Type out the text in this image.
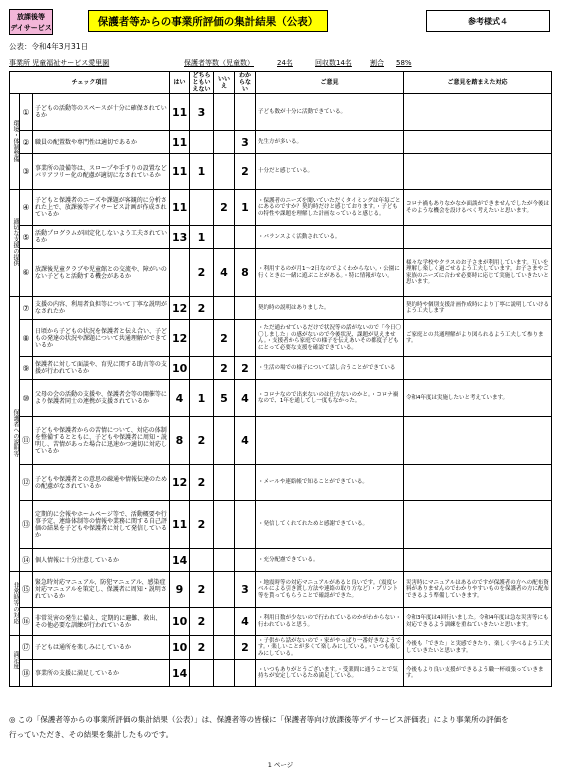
放課後等
デイサービス	保護者等からの事業所評価の集計結果（公表）	参考様式４
公表：令和4年3月31日
事業所 児童福祉サービス愛里園	保護者等数（児童数）	24名	回収数14名	割合 58%
チェック項目			はい	どちらともいえない	いいえ	わからない	ご意見	ご意見を踏まえた対応
環境・体制整備	①	子どもの活動等のスペースが十分に確保されているか	11	3			子ども数が十分に活動できている。	
	②	職員の配置数や専門性は適切であるか	11			3	先生方が多いる。	
	③	事業所の設備等は、スロープや手すりの設置などバリアフリー化の配慮が適切になされているか	11	1		2	十分だと感じている。	
適切な支援の提供	④	子どもと保護者のニーズや課題が客観的に分析された上で、放課後等デイサービス計画が作成されているか	11		2	1	・保護者のニーズを聞いていただくタイミングは年毎ごとにあるのですか？契約時だけと感じております。・子どもの特性や課題を理解した計画なっていると感じる。	コロナ禍もありなかなか面談ができませんでしたが今後はそのような機会を設けるべく考えたいと思います。
	⑤	活動プログラムが固定化しないよう工夫されているか	13	1			・バランスよく活動されている。	
	⑥	放課後児童クラブや児童館との交流や、障がいのない子どもと活動する機会があるか		2	4	8	・利用するのが月1〜2日なのでよくわからない。・公園に行くときに一緒に遊ぶことがある。・特に情報がない。	様々な学校やクラスのお子さまが利用しています。互いを理解し楽しく過ごせるよう工夫しています。お子さまやご家族のニーズに合わせ必要時に応じて実施していきたいと思います。
保護者への説明等	⑦	支援の内容、利用者負担等について丁寧な説明がなされたか	12	2			契約時の説明はありました。	契約時や個別支援計画作成時により丁寧に説明していけるよう工夫します
	⑧	日頃から子どもの状況を保護者と伝え合い、子どもの発達の状況や課題について共通理解ができているか	12		2		・ただ通わせているだけで状況等の話がないので「今日〇〇しました」の感がないので今後状況、課題が見えません。・支援者から家庭での様子を伝えあいその都度子どもにとって必要な支援を確認できている。	ご家庭との共通理解がより図られるよう工夫して参ります。
	⑨	保護者に対して面談や、育児に関する助言等の支援が行われているか	10		2	2	・生活の場での様子について話し合うことができている	
	⑩	父母の会の活動の支援や、保護者会等の開催等により保護者同士の連携が支援されているか	4	1	5	4	・コロナなので出来ないのは仕方ないのかと。・コロナ禍なので、1年を通してし一度もなかった。	令和4年度は実施したいと考えています。
	⑪	子どもや保護者からの苦情について、対応の体制を整備するとともに、子どもや保護者に周知・説明し、苦情があった場合に迅速かつ適切に対応しているか	8	2		4		
	⑫	子どもや保護者との意思の疎通や情報伝達のための配慮がなされているか	12	2			・メールや連絡帳で知ることができている。	
	⑬	定期的に会報やホームページ等で、活動概要や行事予定、連絡体制等の情報や業務に関する自己評価の結果を子どもや保護者に対して発信しているか	11	2			・発信してくれてれためと感謝できている。	
	⑭	個人情報に十分注意しているか	14				・充分配慮できている。	
非常時等の対応	⑮	緊急時対応マニュアル、防犯マニュアル、感染症対応マニュアルを策定し、保護者に周知・説明されているか	9	2		3	・地震時等の対応マニュアルがあると良いです。（震度レベルによる引き渡し方法や連絡の取り方など）・プリント等を貰ってもらうことで確認ができた。	災害時にマニュアルはあるのですが保護者の方への配布資料がありませんのでわかりやすいものを保護者の方に配布できるよう準備していきます。
	⑯	非常災害の発生に備え、定期的に避難、救出、その他必要な訓練が行われているか	10	2		4	・利用日数が少ないので行われているのかがわからない・行われていると思う。	令和3年度は4回行いました。令和4年度は急な災害等にも対応できるよう訓練を重ねていきたいと思います。
満足度	⑰	子どもは通所を楽しみにしているか	10	2		2	・子供から話がないので・家がやっぱり一番好きなようです。・楽しいことが多くて楽しみにしている。・いつも楽しみにしている。	今後も「できた」と実感できたり、楽しく学べるよう工夫していきたいと思います。
	⑱	事業所の支援に満足しているか	14				・いつもありがとうございます。・受業間に通うことで気持ちが安定しているため満足している。	今後もより良い支援ができるよう職一杯頑張っていきます。
◎ この「保護者等からの事業所評価の集計結果（公表）」は、保護者等の皆様に「保護者等向け放課後等デイサービス評価表」により事業所の評価を
行っていただき、その結果を集計したものです。
1 ページ
